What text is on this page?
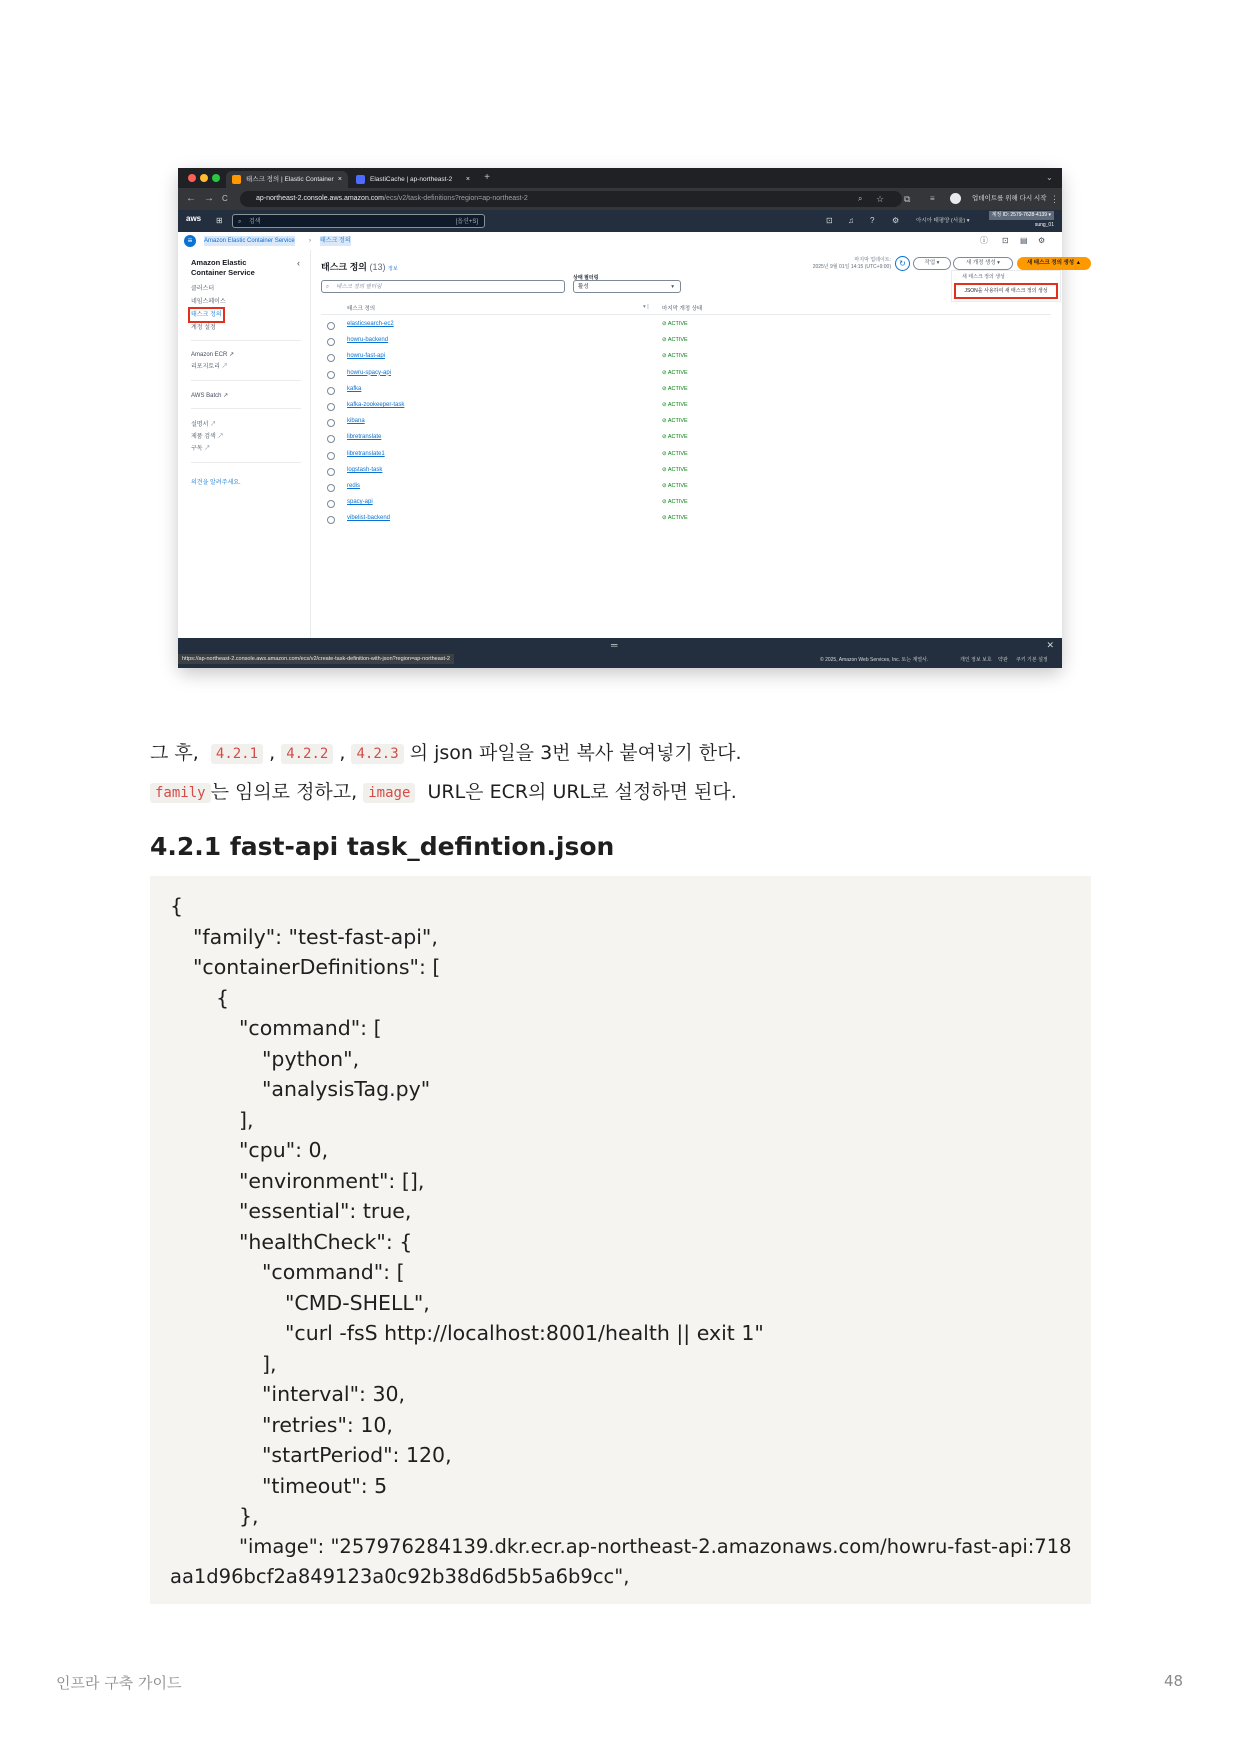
태스크 정의 | Elastic Container ×	ElastiCache | ap-northeast-2 ×	+	⌄
← → C	ap-northeast-2.console.aws.amazon.com/ecs/v2/task-definitions?region=ap-northeast-2	⌕ ☆ ⧉ ≡	업데이트를 위해 다시 시작 ⋮
aws ⊞	⌕ 검색	[옵션+S]	⊡ ♫ ? ⚙	아시아 태평양 (서울) ▾
계정 ID: 2579-7628-4139 ▾
sung_01
≡	Amazon Elastic Container Service › 태스크 정의	ⓘ ⊡ ▤ ⚙
Amazon Elastic
Container Service
‹
클러스터
네임스페이스
태스크 정의
계정 설정
Amazon ECR ↗
리포지토리 ↗
AWS Batch ↗
설명서 ↗
제품 검색 ↗
구독 ↗
의견을 알려주세요.
태스크 정의 (13) 정보
마지막 업데이트:
2025년 9월 01일 14:15 (UTC+9:00)	↻	작업 ▾	새 개정 생성 ▾	새 태스크 정의 생성 ▲
새 태스크 정의 생성
JSON을 사용하여 새 태스크 정의 생성
⌕ 태스크 정의 필터링
상태 필터링
활성	▾
태스크 정의	▾ | 마지막 개정 상태
elasticsearch-ec2	⊘ ACTIVE
howru-backend	⊘ ACTIVE
howru-fast-api	⊘ ACTIVE
howru-spacy-api	⊘ ACTIVE
kafka	⊘ ACTIVE
kafka-zookeeper-task	⊘ ACTIVE
kibana	⊘ ACTIVE
libretranslate	⊘ ACTIVE
libretranslate1	⊘ ACTIVE
logstash-task	⊘ ACTIVE
redis	⊘ ACTIVE
spacy-api	⊘ ACTIVE
vibelist-backend	⊘ ACTIVE
═	✕
https://ap-northeast-2.console.aws.amazon.com/ecs/v2/create-task-definition-with-json?region=ap-northeast-2	© 2025, Amazon Web Services, Inc. 또는 계열사.	개인 정보 보호 약관 쿠키 기본 설정
그 후, 4.2.1 , 4.2.2 , 4.2.3 의 json 파일을 3번 복사 붙여넣기 한다.
family 는 임의로 정하고, image URL은 ECR의 URL로 설정하면 된다.
4.2.1 fast-api task_defintion.json
{
"family": "test-fast-api",
"containerDefinitions": [
{
"command": [
"python",
"analysisTag.py"
],
"cpu": 0,
"environment": [],
"essential": true,
"healthCheck": {
"command": [
"CMD-SHELL",
"curl -fsS http://localhost:8001/health || exit 1"
],
"interval": 30,
"retries": 10,
"startPeriod": 120,
"timeout": 5
},
"image": "257976284139.dkr.ecr.ap-northeast-2.amazonaws.com/howru-fast-api:718
aa1d96bcf2a849123a0c92b38d6d5b5a6b9cc",
인프라 구축 가이드	48
